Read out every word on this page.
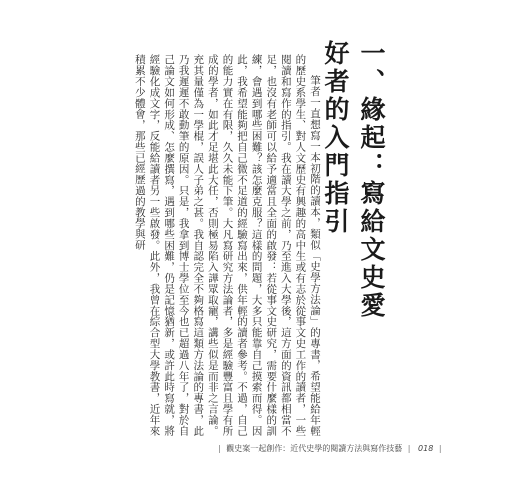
一、緣起：寫給文史愛好者的入門指引

筆者一直想寫一本初階的讀本，類似「史學方法論」的專書，希望能給年輕的歷史系學生、對人文歷史有興趣的高中生或有志於從事文史工作的讀者，一些閱讀和寫作的指引。我在讀大學之前，乃至進入大學後，這方面的資訊都相當不足，也沒有老師可以給予適當且全面的啟發：若從事文史研究，需要什麼樣的訓練，會遇到哪些困難？該怎麼克服？這樣的問題，大多只能靠自己摸索而得。因此，我希望能夠把自己微不足道的經驗寫出來，供年輕的讀者參考。不過，自己的能力實在有限，久久未能下筆。大凡寫研究方法論者，多是經驗豐富且學有所成的學者，如此才足堪此大任，否則極易陷入譁眾取寵，講些似是而非之言論。充其量僅為一學棍，誤人子弟之甚。我自認完全不夠格寫這類方法論的專書，此乃我遲遲不敢動筆的原因。只是，我拿到博士學位至今也已超過八年了，對於自己論文如何形成、怎麼撰寫，遇到哪些困難，仍是記憶猶新，或許此時寫就，將經驗化成文字，反能給讀者另一些啟發。此外，我曾在綜合型大學教書，近年來積累不少體會，那些已經歷過的教學與研

| 觀史案一起創作：近代史學的閱讀方法與寫作技藝 | 018 |
